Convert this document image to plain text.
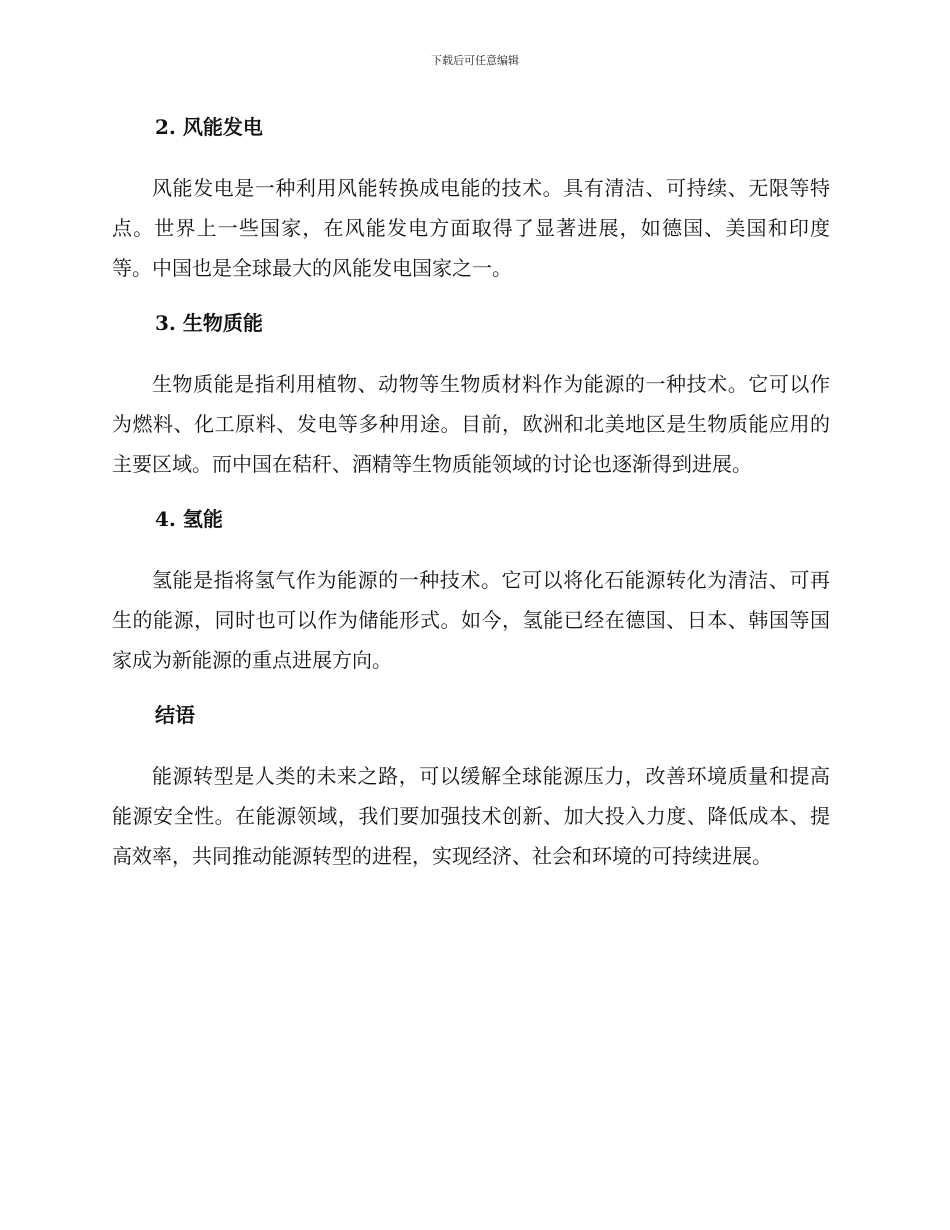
下载后可任意编辑
2. 风能发电

风能发电是一种利用风能转换成电能的技术。具有清洁、可持续、无限等特点。世界上一些国家，在风能发电方面取得了显著进展，如德国、美国和印度等。中国也是全球最大的风能发电国家之一。

3. 生物质能

生物质能是指利用植物、动物等生物质材料作为能源的一种技术。它可以作为燃料、化工原料、发电等多种用途。目前，欧洲和北美地区是生物质能应用的主要区域。而中国在秸秆、酒精等生物质能领域的讨论也逐渐得到进展。

4. 氢能

氢能是指将氢气作为能源的一种技术。它可以将化石能源转化为清洁、可再生的能源，同时也可以作为储能形式。如今，氢能已经在德国、日本、韩国等国家成为新能源的重点进展方向。

结语

能源转型是人类的未来之路，可以缓解全球能源压力，改善环境质量和提高能源安全性。在能源领域，我们要加强技术创新、加大投入力度、降低成本、提高效率，共同推动能源转型的进程，实现经济、社会和环境的可持续进展。
